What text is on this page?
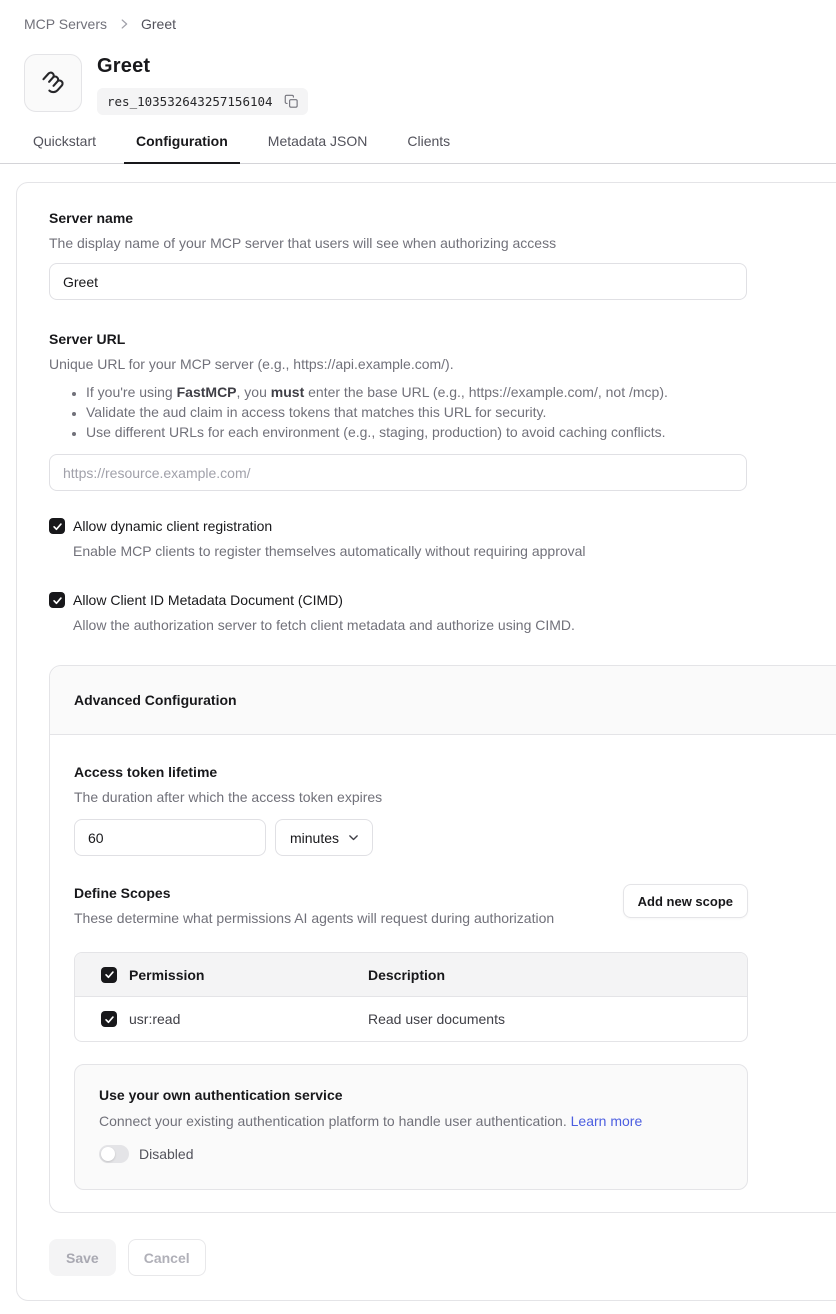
MCP Servers Greet
Greet
res_103532643257156104
Quickstart	Configuration	Metadata JSON	Clients
Server name
The display name of your MCP server that users will see when authorizing access
Greet
Server URL
Unique URL for your MCP server (e.g., https://api.example.com/).
• If you're using FastMCP, you must enter the base URL (e.g., https://example.com/, not /mcp).
• Validate the aud claim in access tokens that matches this URL for security.
• Use different URLs for each environment (e.g., staging, production) to avoid caching conflicts.
https://resource.example.com/
Allow dynamic client registration
Enable MCP clients to register themselves automatically without requiring approval
Allow Client ID Metadata Document (CIMD)
Allow the authorization server to fetch client metadata and authorize using CIMD.
Advanced Configuration
Access token lifetime
The duration after which the access token expires
60
minutes
Define Scopes
These determine what permissions AI agents will request during authorization
Add new scope
Permission	Description
usr:read	Read user documents
Use your own authentication service
Connect your existing authentication platform to handle user authentication. Learn more
Disabled
Save	Cancel
